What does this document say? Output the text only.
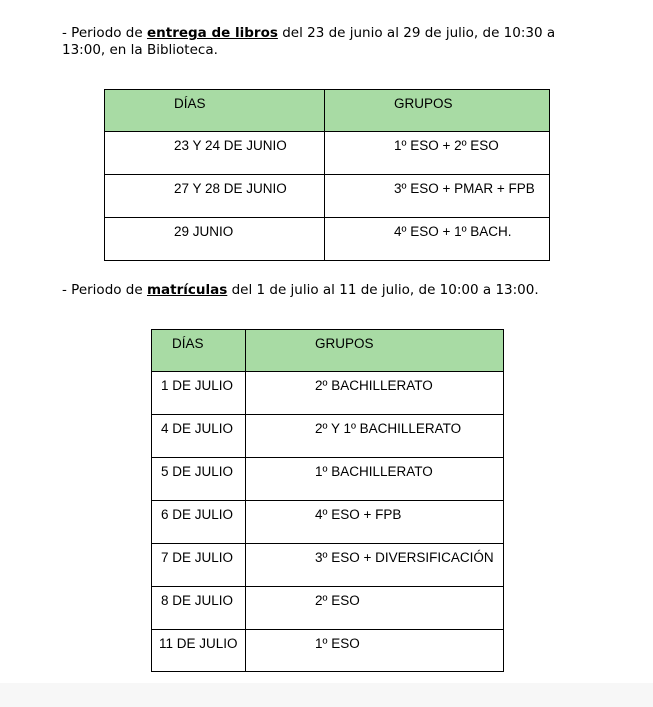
- Periodo de entrega de libros del 23 de junio al 29 de julio, de 10:30 a 13:00, en la Biblioteca.
DÍAS	GRUPOS

23 Y 24 DE JUNIO	1º ESO + 2º ESO

27 Y 28 DE JUNIO	3º ESO + PMAR + FPB

29 JUNIO	4º ESO + 1º BACH.
- Periodo de matrículas del 1 de julio al 11 de julio, de 10:00 a 13:00.
DÍAS	GRUPOS

1 DE JULIO	2º BACHILLERATO

4 DE JULIO	2º Y 1º BACHILLERATO

5 DE JULIO	1º BACHILLERATO

6 DE JULIO	4º ESO + FPB

7 DE JULIO	3º ESO + DIVERSIFICACIÓN

8 DE JULIO	2º ESO

11 DE JULIO	1º ESO
